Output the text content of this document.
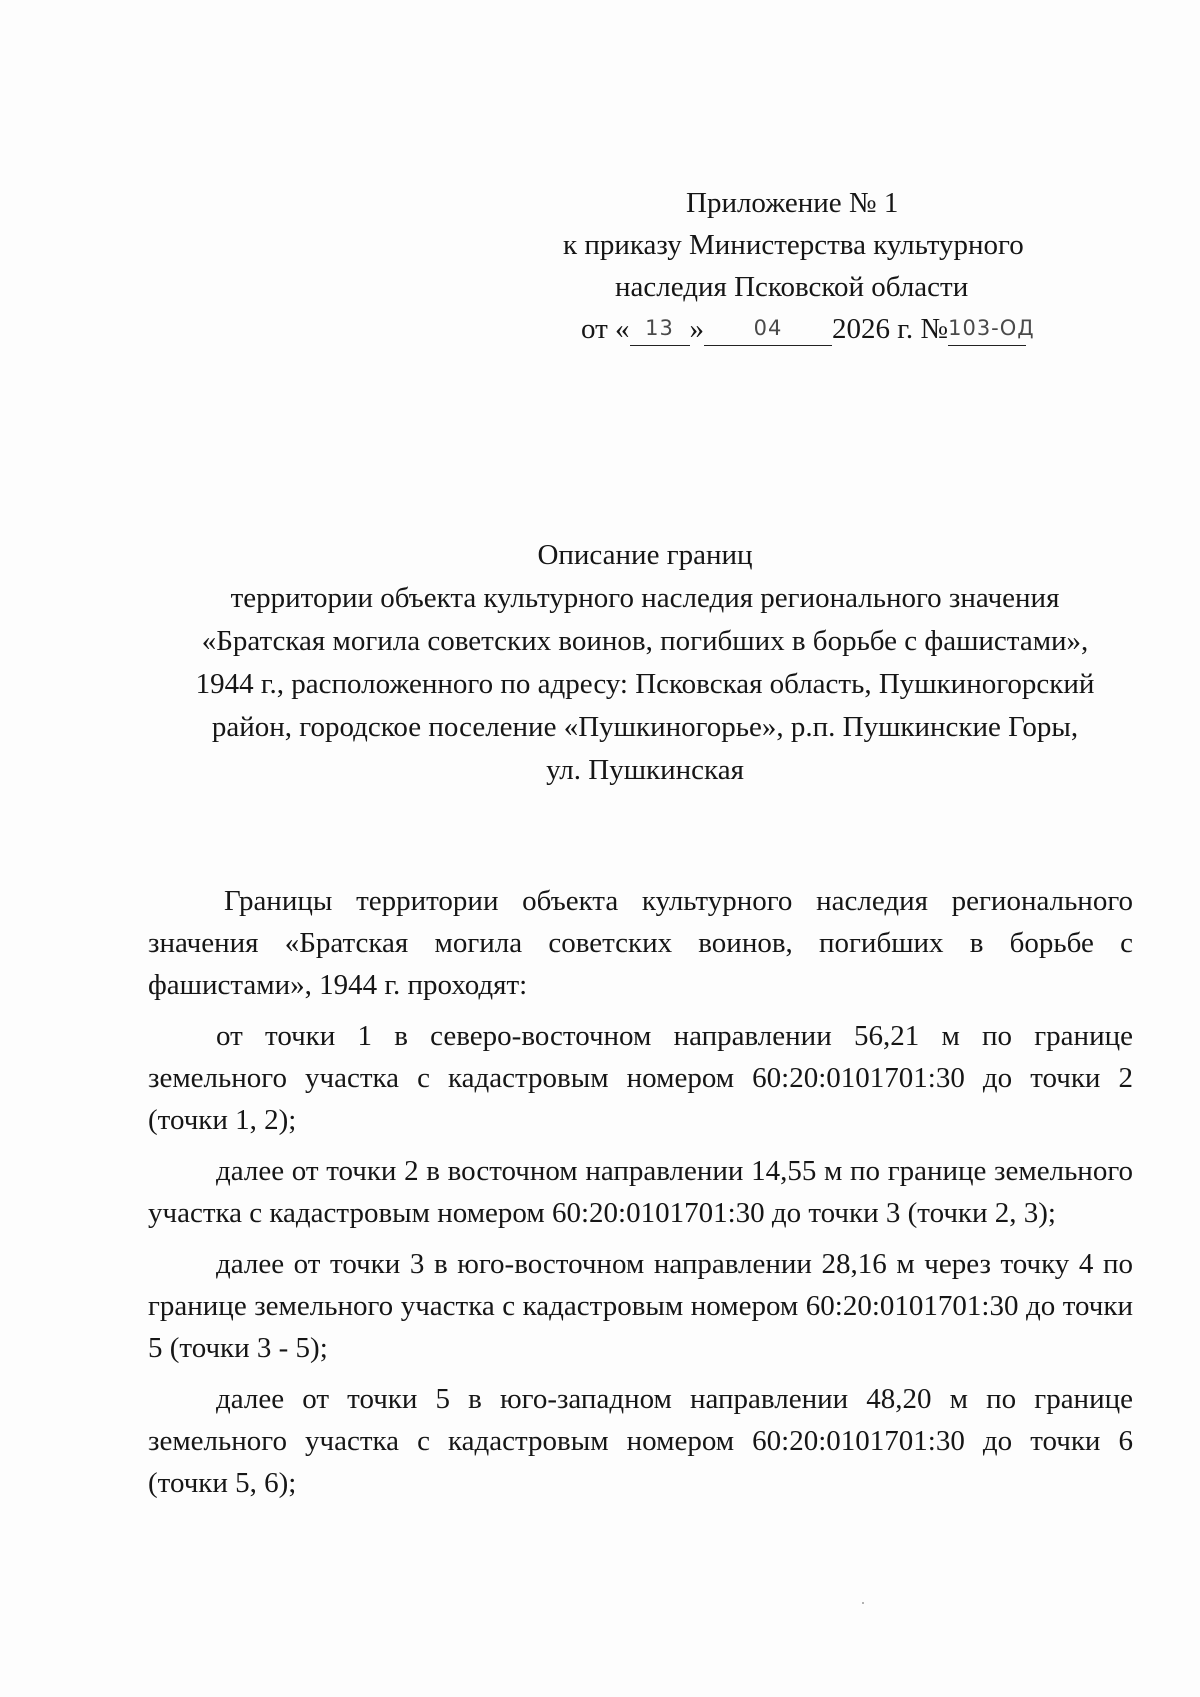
Приложение № 1
к приказу Министерства культурного
наследия Псковской области
от « 13 » 04 2026 г. №103-ОД
Описание границ
территории объекта культурного наследия регионального значения
«Братская могила советских воинов, погибших в борьбе с фашистами»,
1944 г., расположенного по адресу: Псковская область, Пушкиногорский
район, городское поселение «Пушкиногорье», р.п. Пушкинские Горы,
ул. Пушкинская

Границы территории объекта культурного наследия регионального значения «Братская могила советских воинов, погибших в борьбе с фашистами», 1944 г. проходят:

от точки 1 в северо-восточном направлении 56,21 м по границе земельного участка с кадастровым номером 60:20:0101701:30 до точки 2 (точки 1, 2);

далее от точки 2 в восточном направлении 14,55 м по границе земельного участка с кадастровым номером 60:20:0101701:30 до точки 3 (точки 2, 3);

далее от точки 3 в юго-восточном направлении 28,16 м через точку 4 по границе земельного участка с кадастровым номером 60:20:0101701:30 до точки 5 (точки 3 - 5);

далее от точки 5 в юго-западном направлении 48,20 м по границе земельного участка с кадастровым номером 60:20:0101701:30 до точки 6 (точки 5, 6);
